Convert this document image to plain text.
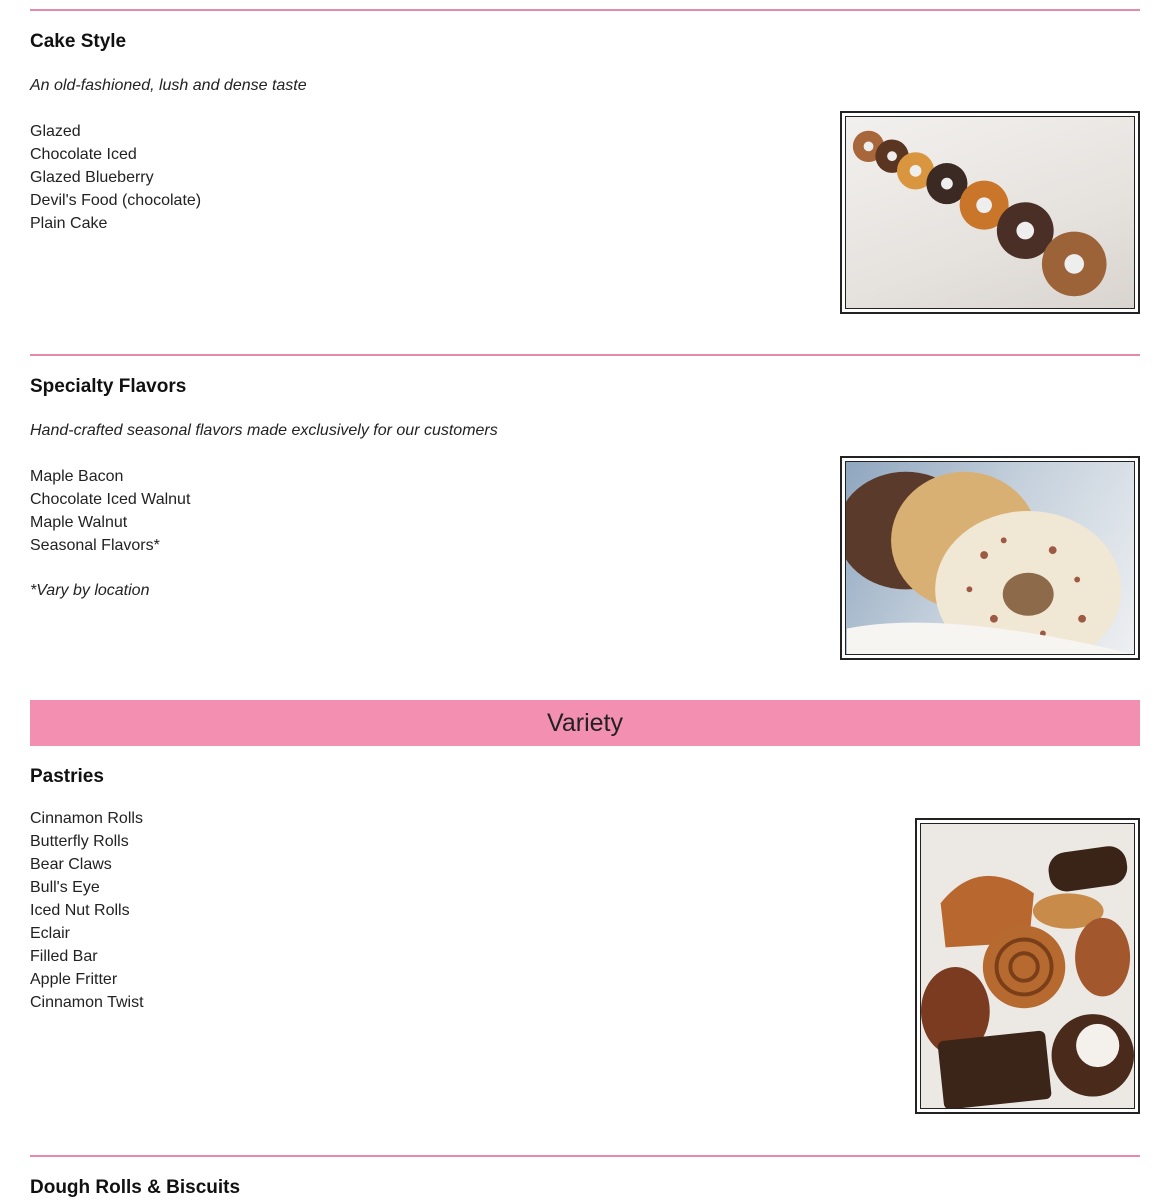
Cake Style

An old-fashioned, lush and dense taste

Glazed
Chocolate Iced
Glazed Blueberry
Devil's Food (chocolate)
Plain Cake
Specialty Flavors

Hand-crafted seasonal flavors made exclusively for our customers

Maple Bacon
Chocolate Iced Walnut
Maple Walnut
Seasonal Flavors*

*Vary by location

Variety
Pastries
Cinnamon Rolls
Butterfly Rolls
Bear Claws
Bull's Eye
Iced Nut Rolls
Eclair
Filled Bar
Apple Fritter
Cinnamon Twist
Dough Rolls & Biscuits
